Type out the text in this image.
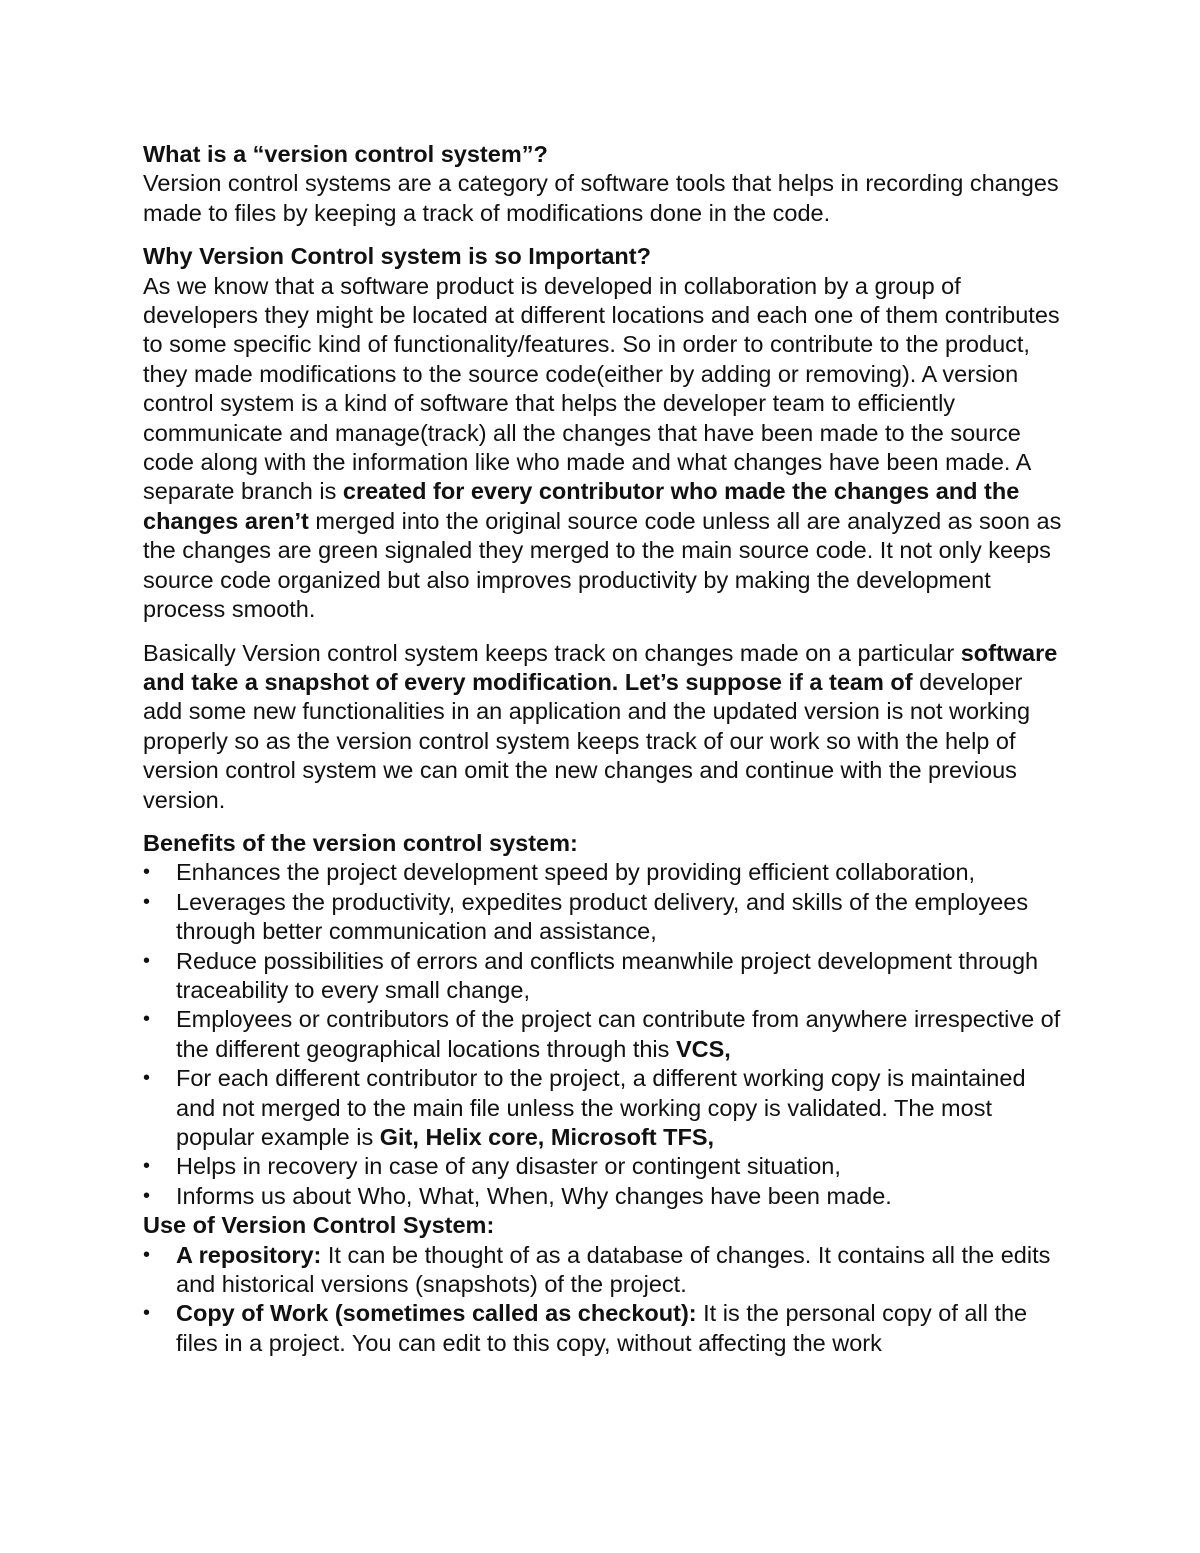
What is a “version control system”?

Version control systems are a category of software tools that helps in recording changes made to files by keeping a track of modifications done in the code.

Why Version Control system is so Important?

As we know that a software product is developed in collaboration by a group of developers they might be located at different locations and each one of them contributes to some specific kind of functionality/features. So in order to contribute to the product, they made modifications to the source code(either by adding or removing). A version control system is a kind of software that helps the developer team to efficiently communicate and manage(track) all the changes that have been made to the source code along with the information like who made and what changes have been made. A separate branch is created for every contributor who made the changes and the changes aren’t merged into the original source code unless all are analyzed as soon as the changes are green signaled they merged to the main source code. It not only keeps source code organized but also improves productivity by making the development process smooth.

Basically Version control system keeps track on changes made on a particular software and take a snapshot of every modification. Let’s suppose if a team of developer add some new functionalities in an application and the updated version is not working properly so as the version control system keeps track of our work so with the help of version control system we can omit the new changes and continue with the previous version.

Benefits of the version control system:
• Enhances the project development speed by providing efficient collaboration,
• Leverages the productivity, expedites product delivery, and skills of the employees through better communication and assistance,
• Reduce possibilities of errors and conflicts meanwhile project development through traceability to every small change,
• Employees or contributors of the project can contribute from anywhere irrespective of the different geographical locations through this VCS,
• For each different contributor to the project, a different working copy is maintained and not merged to the main file unless the working copy is validated. The most popular example is Git, Helix core, Microsoft TFS,
• Helps in recovery in case of any disaster or contingent situation,
• Informs us about Who, What, When, Why changes have been made.
Use of Version Control System:
• A repository: It can be thought of as a database of changes. It contains all the edits and historical versions (snapshots) of the project.
• Copy of Work (sometimes called as checkout): It is the personal copy of all the files in a project. You can edit to this copy, without affecting the work
